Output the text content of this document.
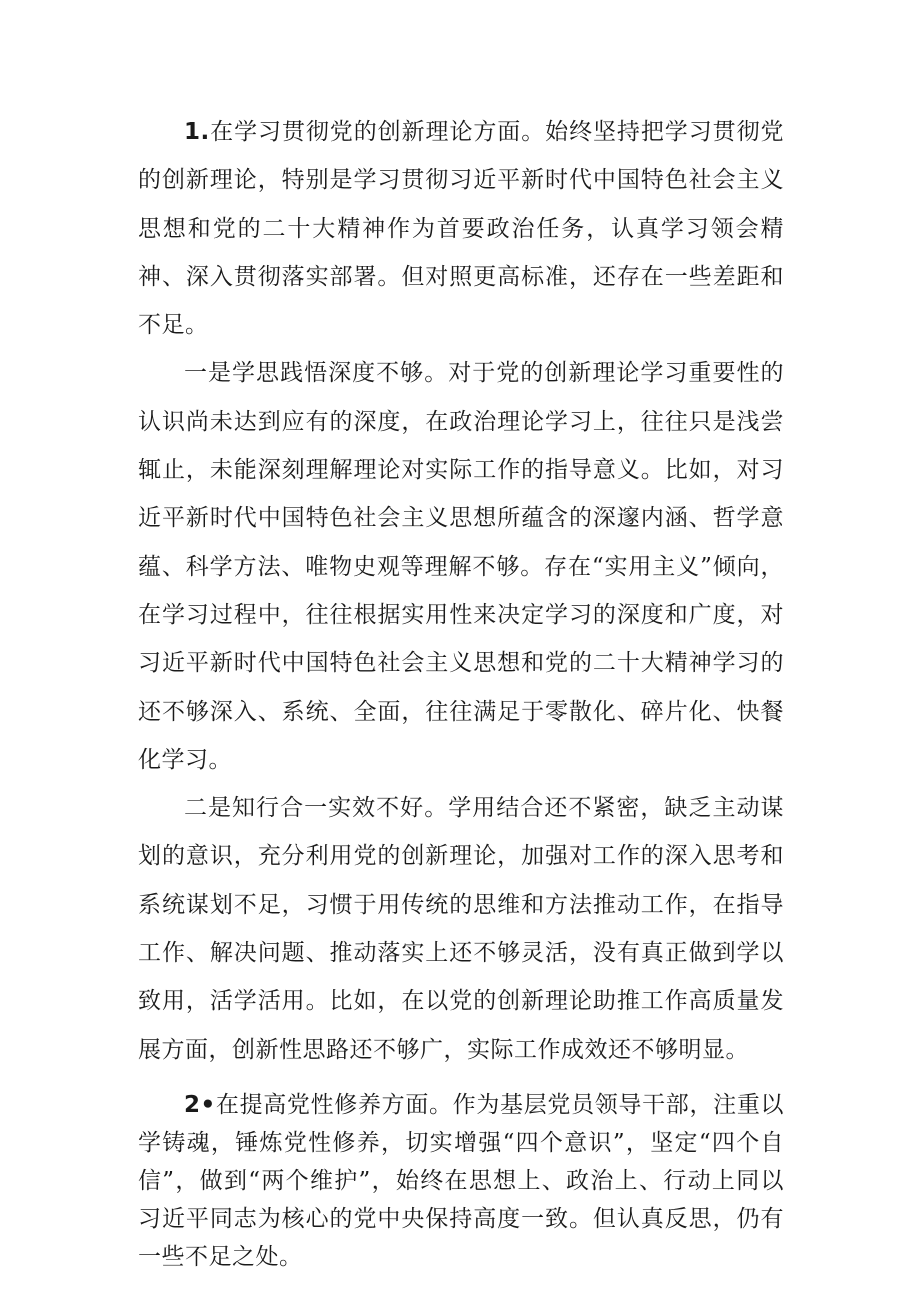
1.在学习贯彻党的创新理论方面。始终坚持把学习贯彻党的创新理论，特别是学习贯彻习近平新时代中国特色社会主义思想和党的二十大精神作为首要政治任务，认真学习领会精神、深入贯彻落实部署。但对照更高标准，还存在一些差距和不足。

一是学思践悟深度不够。对于党的创新理论学习重要性的认识尚未达到应有的深度，在政治理论学习上，往往只是浅尝辄止，未能深刻理解理论对实际工作的指导意义。比如，对习近平新时代中国特色社会主义思想所蕴含的深邃内涵、哲学意蕴、科学方法、唯物史观等理解不够。存在“实用主义”倾向，在学习过程中，往往根据实用性来决定学习的深度和广度，对习近平新时代中国特色社会主义思想和党的二十大精神学习的还不够深入、系统、全面，往往满足于零散化、碎片化、快餐化学习。

二是知行合一实效不好。学用结合还不紧密，缺乏主动谋划的意识，充分利用党的创新理论，加强对工作的深入思考和系统谋划不足，习惯于用传统的思维和方法推动工作，在指导工作、解决问题、推动落实上还不够灵活，没有真正做到学以致用，活学活用。比如，在以党的创新理论助推工作高质量发展方面，创新性思路还不够广，实际工作成效还不够明显。

2•在提高党性修养方面。作为基层党员领导干部，注重以学铸魂，锤炼党性修养，切实增强“四个意识”，坚定“四个自信”，做到“两个维护”，始终在思想上、政治上、行动上同以习近平同志为核心的党中央保持高度一致。但认真反思，仍有一些不足之处。
